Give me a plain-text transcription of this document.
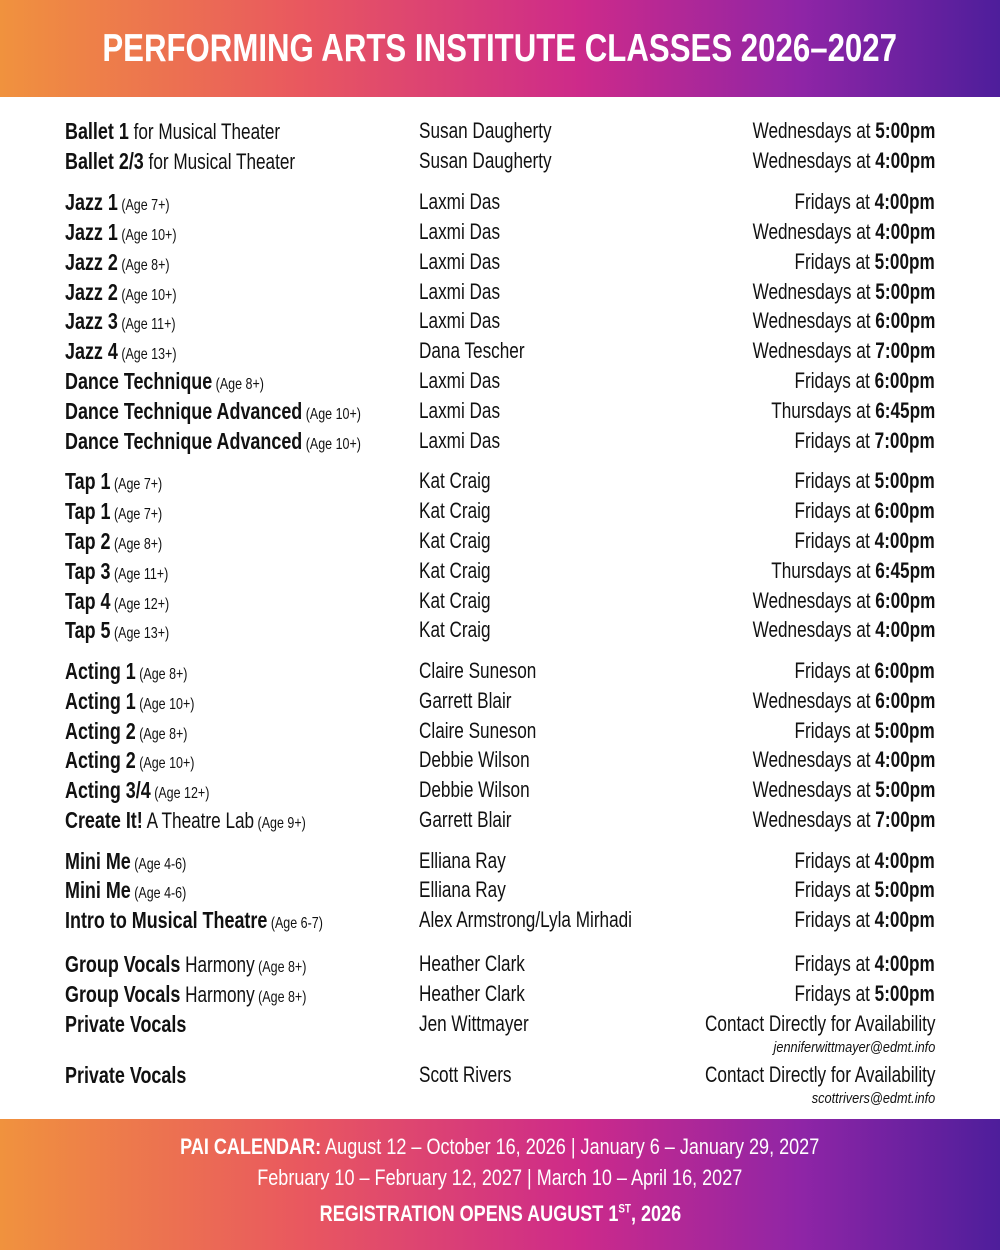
PERFORMING ARTS INSTITUTE CLASSES 2026–2027
Ballet 1 for Musical Theater	Susan Daugherty	Wednesdays at 5:00pm
Ballet 2/3 for Musical Theater	Susan Daugherty	Wednesdays at 4:00pm
Jazz 1 (Age 7+)	Laxmi Das	Fridays at 4:00pm
Jazz 1 (Age 10+)	Laxmi Das	Wednesdays at 4:00pm
Jazz 2 (Age 8+)	Laxmi Das	Fridays at 5:00pm
Jazz 2 (Age 10+)	Laxmi Das	Wednesdays at 5:00pm
Jazz 3 (Age 11+)	Laxmi Das	Wednesdays at 6:00pm
Jazz 4 (Age 13+)	Dana Tescher	Wednesdays at 7:00pm
Dance Technique (Age 8+)	Laxmi Das	Fridays at 6:00pm
Dance Technique Advanced (Age 10+)	Laxmi Das	Thursdays at 6:45pm
Dance Technique Advanced (Age 10+)	Laxmi Das	Fridays at 7:00pm
Tap 1 (Age 7+)	Kat Craig	Fridays at 5:00pm
Tap 1 (Age 7+)	Kat Craig	Fridays at 6:00pm
Tap 2 (Age 8+)	Kat Craig	Fridays at 4:00pm
Tap 3 (Age 11+)	Kat Craig	Thursdays at 6:45pm
Tap 4 (Age 12+)	Kat Craig	Wednesdays at 6:00pm
Tap 5 (Age 13+)	Kat Craig	Wednesdays at 4:00pm
Acting 1 (Age 8+)	Claire Suneson	Fridays at 6:00pm
Acting 1 (Age 10+)	Garrett Blair	Wednesdays at 6:00pm
Acting 2 (Age 8+)	Claire Suneson	Fridays at 5:00pm
Acting 2 (Age 10+)	Debbie Wilson	Wednesdays at 4:00pm
Acting 3/4 (Age 12+)	Debbie Wilson	Wednesdays at 5:00pm
Create It! A Theatre Lab (Age 9+)	Garrett Blair	Wednesdays at 7:00pm
Mini Me (Age 4-6)	Elliana Ray	Fridays at 4:00pm
Mini Me (Age 4-6)	Elliana Ray	Fridays at 5:00pm
Intro to Musical Theatre (Age 6-7)	Alex Armstrong/Lyla Mirhadi	Fridays at 4:00pm
Group Vocals Harmony (Age 8+)	Heather Clark	Fridays at 4:00pm
Group Vocals Harmony (Age 8+)	Heather Clark	Fridays at 5:00pm
Private Vocals	Jen Wittmayer	Contact Directly for Availability
jenniferwittmayer@edmt.info
Private Vocals	Scott Rivers	Contact Directly for Availability
scottrivers@edmt.info
PAI CALENDAR: August 12 – October 16, 2026 | January 6 – January 29, 2027
February 10 – February 12, 2027 | March 10 – April 16, 2027
REGISTRATION OPENS AUGUST 1ST, 2026
